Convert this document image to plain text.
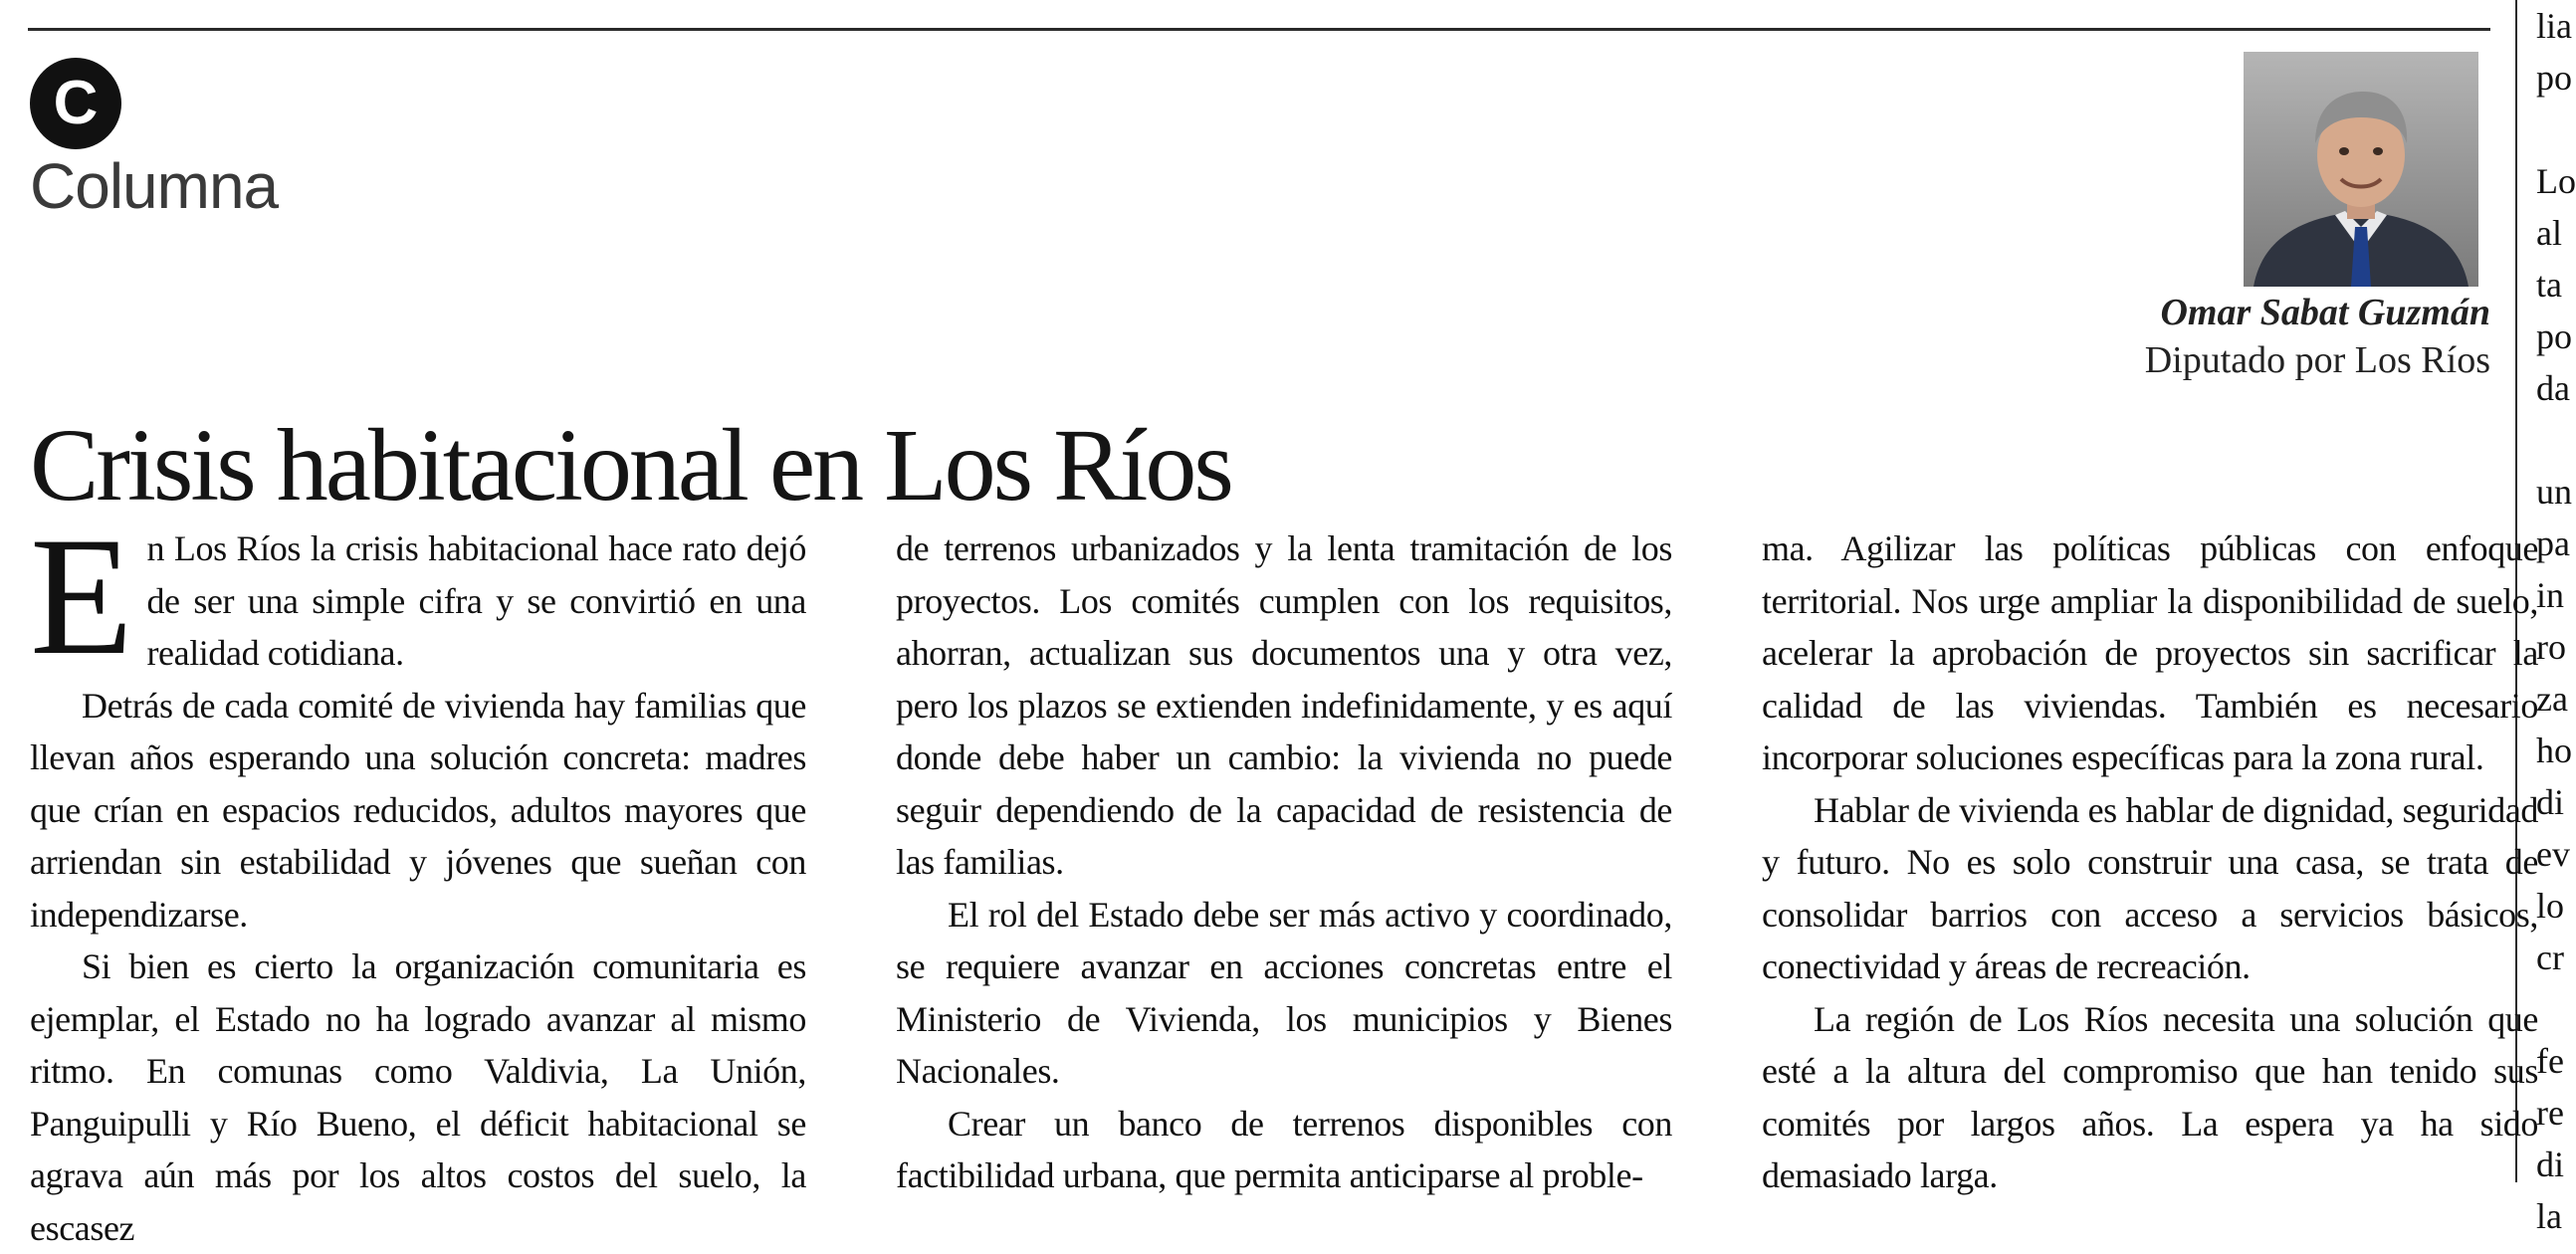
C
Columna
Omar Sabat Guzmán
Diputado por Los Ríos
Crisis habitacional en Los Ríos

En Los Ríos la crisis habitacional hace rato dejó de ser una simple cifra y se convirtió en una realidad cotidiana.

Detrás de cada comité de vivienda hay familias que llevan años esperando una solución concreta: madres que crían en espacios reducidos, adultos mayores que arriendan sin estabilidad y jóvenes que sueñan con independizarse.

Si bien es cierto la organización comunitaria es ejemplar, el Estado no ha logrado avanzar al mismo ritmo. En comunas como Valdivia, La Unión, Panguipulli y Río Bueno, el déficit habitacional se agrava aún más por los altos costos del suelo, la escasez

de terrenos urbanizados y la lenta tramitación de los proyectos. Los comités cumplen con los requisitos, ahorran, actualizan sus documentos una y otra vez, pero los plazos se extienden indefinidamente, y es aquí donde debe haber un cambio: la vivienda no puede seguir dependiendo de la capacidad de resistencia de las familias.

El rol del Estado debe ser más activo y coordinado, se requiere avanzar en acciones concretas entre el Ministerio de Vivienda, los municipios y Bienes Nacionales.

Crear un banco de terrenos disponibles con factibilidad urbana, que permita anticiparse al proble-

ma. Agilizar las políticas públicas con enfoque territorial. Nos urge ampliar la disponibilidad de suelo, acelerar la aprobación de proyectos sin sacrificar la calidad de las viviendas. También es necesario incorporar soluciones específicas para la zona rural.

Hablar de vivienda es hablar de dignidad, seguridad y futuro. No es solo construir una casa, se trata de consolidar barrios con acceso a servicios básicos, conectividad y áreas de recreación.

La región de Los Ríos necesita una solución que esté a la altura del compromiso que han tenido sus comités por largos años. La espera ya ha sido demasiado larga.

lia
po
Lo
al
ta
po
da
un
pa
in
ro
za
ho
di
ev
lo
cr
fe
re
di
la
